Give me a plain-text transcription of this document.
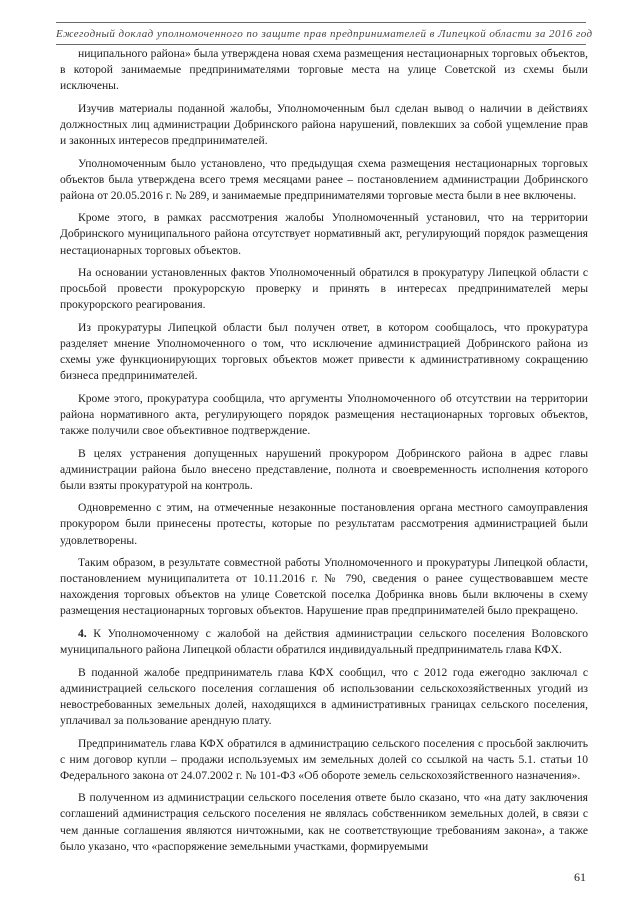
Ежегодный доклад уполномоченного по защите прав предпринимателей в Липецкой области за 2016 год

ниципального района» была утверждена новая схема размещения нестационарных торговых объектов, в которой занимаемые предпринимателями торговые места на улице Советской из схемы были исключены.

Изучив материалы поданной жалобы, Уполномоченным был сделан вывод о наличии в действиях должностных лиц администрации Добринского района нарушений, повлекших за собой ущемление прав и законных интересов предпринимателей.

Уполномоченным было установлено, что предыдущая схема размещения нестационарных торговых объектов была утверждена всего тремя месяцами ранее – постановлением администрации Добринского района от 20.05.2016 г. № 289, и занимаемые предпринимателями торговые места были в нее включены.

Кроме этого, в рамках рассмотрения жалобы Уполномоченный установил, что на территории Добринского муниципального района отсутствует нормативный акт, регулирующий порядок размещения нестационарных торговых объектов.

На основании установленных фактов Уполномоченный обратился в прокуратуру Липецкой области с просьбой провести прокурорскую проверку и принять в интересах предпринимателей меры прокурорского реагирования.

Из прокуратуры Липецкой области был получен ответ, в котором сообщалось, что прокуратура разделяет мнение Уполномоченного о том, что исключение администрацией Добринского района из схемы уже функционирующих торговых объектов может привести к административному сокращению бизнеса предпринимателей.

Кроме этого, прокуратура сообщила, что аргументы Уполномоченного об отсутствии на территории района нормативного акта, регулирующего порядок размещения нестационарных торговых объектов, также получили свое объективное подтверждение.

В целях устранения допущенных нарушений прокурором Добринского района в адрес главы администрации района было внесено представление, полнота и своевременность исполнения которого были взяты прокуратурой на контроль.

Одновременно с этим, на отмеченные незаконные постановления органа местного самоуправления прокурором были принесены протесты, которые по результатам рассмотрения администрацией были удовлетворены.

Таким образом, в результате совместной работы Уполномоченного и прокуратуры Липецкой области, постановлением муниципалитета от 10.11.2016 г. № 790, сведения о ранее существовавшем месте нахождения торговых объектов на улице Советской поселка Добринка вновь были включены в схему размещения нестационарных торговых объектов. Нарушение прав предпринимателей было прекращено.

4. К Уполномоченному с жалобой на действия администрации сельского поселения Воловского муниципального района Липецкой области обратился индивидуальный предприниматель глава КФХ.

В поданной жалобе предприниматель глава КФХ сообщил, что с 2012 года ежегодно заключал с администрацией сельского поселения соглашения об использовании сельскохозяйственных угодий из невостребованных земельных долей, находящихся в административных границах сельского поселения, уплачивал за пользование арендную плату.

Предприниматель глава КФХ обратился в администрацию сельского поселения с просьбой заключить с ним договор купли – продажи используемых им земельных долей со ссылкой на часть 5.1. статьи 10 Федерального закона от 24.07.2002 г. № 101-ФЗ «Об обороте земель сельскохозяйственного назначения».

В полученном из администрации сельского поселения ответе было сказано, что «на дату заключения соглашений администрация сельского поселения не являлась собственником земельных долей, в связи с чем данные соглашения являются ничтожными, как не соответствующие требованиям закона», а также было указано, что «распоряжение земельными участками, формируемыми

61
